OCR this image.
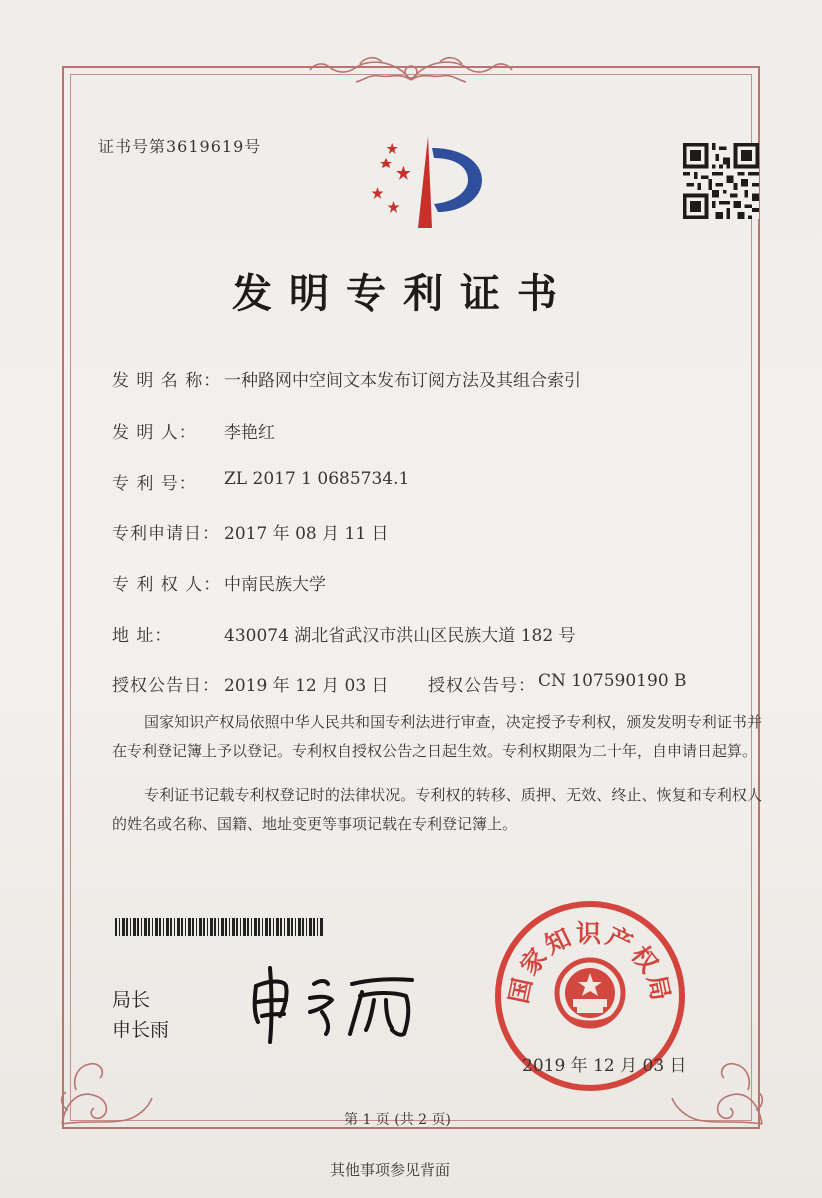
证书号第3619619号
发明专利证书
发 明 名 称： 一种路网中空间文本发布订阅方法及其组合索引
发 明 人： 李艳红
专 利 号： ZL 2017 1 0685734.1
专利申请日： 2017 年 08 月 11 日
专 利 权 人： 中南民族大学
地 址：	430074 湖北省武汉市洪山区民族大道 182 号
授权公告日： 2019 年 12 月 03 日 授权公告号： CN 107590190 B
国家知识产权局依照中华人民共和国专利法进行审查，决定授予专利权，颁发发明专利证书并在专利登记簿上予以登记。专利权自授权公告之日起生效。专利权期限为二十年，自申请日起算。
专利证书记载专利权登记时的法律状况。专利权的转移、质押、无效、终止、恢复和专利权人的姓名或名称、国籍、地址变更等事项记载在专利登记簿上。
局长
申长雨
国家知识产权局
2019 年 12 月 03 日
第 1 页 (共 2 页)
其他事项参见背面
